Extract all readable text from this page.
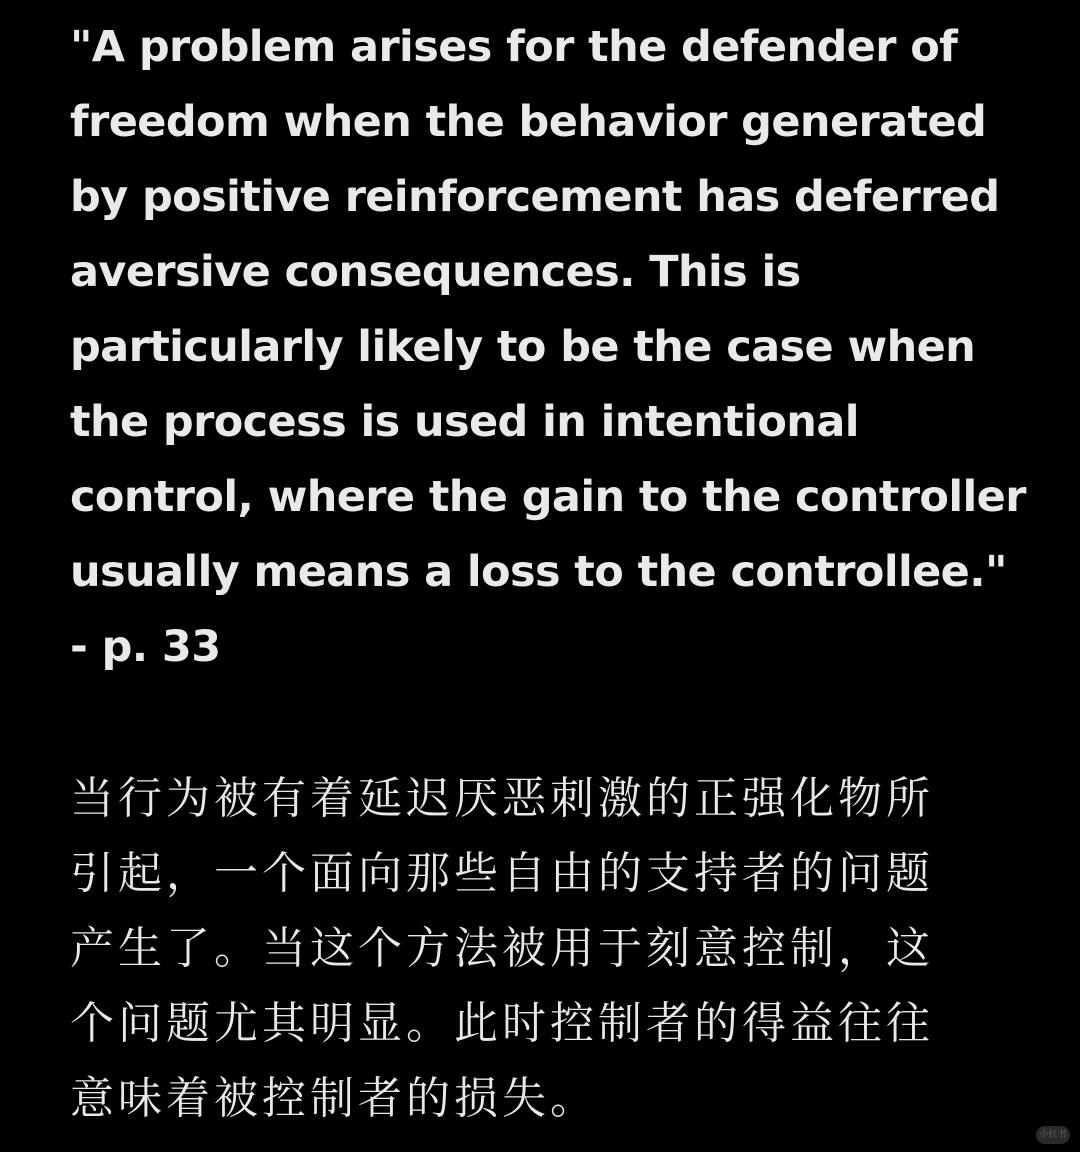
"A problem arises for the defender of
freedom when the behavior generated
by positive reinforcement has deferred
aversive consequences. This is
particularly likely to be the case when
the process is used in intentional
control, where the gain to the controller
usually means a loss to the controllee."
- p. 33
当行为被有着延迟厌恶刺激的正强化物所
引起，一个面向那些自由的支持者的问题
产生了。当这个方法被用于刻意控制，这
个问题尤其明显。此时控制者的得益往往
意味着被控制者的损失。
小红书
